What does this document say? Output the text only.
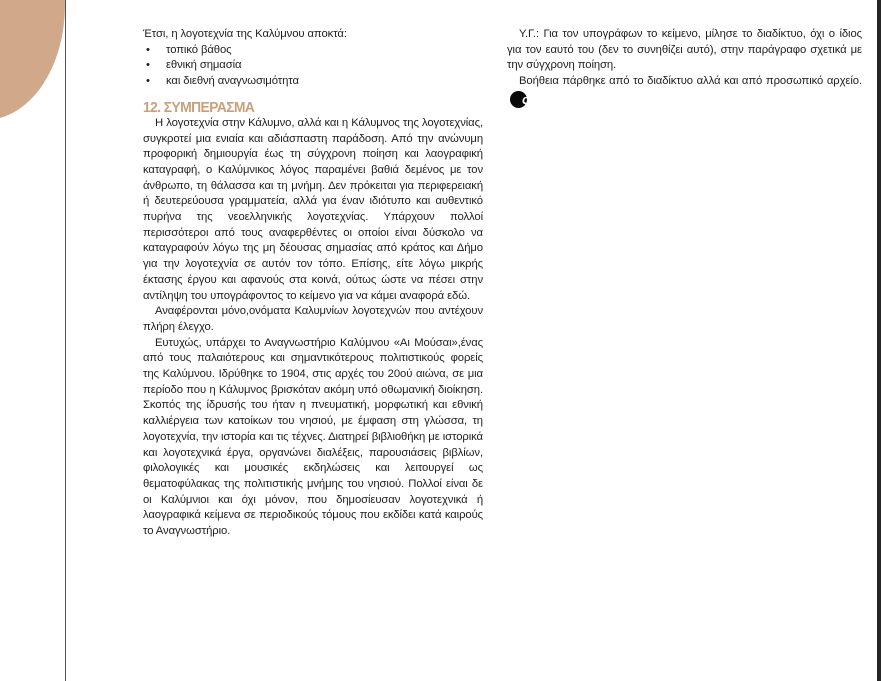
Έτσι, η λογοτεχνία της Καλύμνου αποκτά:

• τοπικό βάθος
• εθνική σημασία
• και διεθνή αναγνωσιμότητα
12. ΣΥΜΠΕΡΑΣΜΑ

Η λογοτεχνία στην Κάλυμνο, αλλά και η Κάλυμνος της λογοτεχνίας, συγκροτεί μια ενιαία και αδιάσπαστη παράδοση. Από την ανώνυμη προφορική δημιουργία έως τη σύγχρονη ποίηση και λαογραφική καταγραφή, ο Καλύμνικος λόγος παραμένει βαθιά δεμένος με τον άνθρωπο, τη θάλασσα και τη μνήμη. Δεν πρόκειται για περιφερειακή ή δευτερεύουσα γραμματεία, αλλά για έναν ιδιότυπο και αυθεντικό πυρήνα της νεοελληνικής λογοτεχνίας. Υπάρχουν πολλοί περισσότεροι από τους αναφερθέντες οι οποίοι είναι δύσκολο να καταγραφούν λόγω της μη δέουσας σημασίας από κράτος και Δήμο για την λογοτεχνία σε αυτόν τον τόπο. Επίσης, είτε λόγω μικρής έκτασης έργου και αφανούς στα κοινά, ούτως ώστε να πέσει στην αντίληψη του υπογράφοντος το κείμενο για να κάμει αναφορά εδώ.

Αναφέρονται μόνο,ονόματα Καλυμνίων λογοτεχνών που αντέχουν πλήρη έλεγχο.

Ευτυχώς, υπάρχει το Αναγνωστήριο Καλύμνου «Αι Μούσαι»,ένας από τους παλαιότερους και σημαντικότερους πολιτιστικούς φορείς της Καλύμνου. Ιδρύθηκε το 1904, στις αρχές του 20ού αιώνα, σε μια περίοδο που η Κάλυμνος βρισκόταν ακόμη υπό οθωμανική διοίκηση. Σκοπός της ίδρυσής του ήταν η πνευματική, μορφωτική και εθνική καλλιέργεια των κατοίκων του νησιού, με έμφαση στη γλώσσα, τη λογοτεχνία, την ιστορία και τις τέχνες. Διατηρεί βιβλιοθήκη με ιστορικά και λογοτεχνικά έργα, οργανώνει διαλέξεις, παρουσιάσεις βιβλίων, φιλολογικές και μουσικές εκδηλώσεις και λειτουργεί ως θεματοφύλακας της πολιτιστικής μνήμης του νησιού. Πολλοί είναι δε οι Καλύμνιοι και όχι μόνον, που δημοσίευσαν λογοτεχνικά ή λαογραφικά κείμενα σε περιοδικούς τόμους που εκδίδει κατά καιρούς το Αναγνωστήριο.

Υ.Γ.: Για τον υπογράφων το κείμενο, μίλησε το διαδίκτυο, όχι ο ίδιος για τον εαυτό του (δεν το συνηθίζει αυτό), στην παράγραφο σχετικά με την σύγχρονη ποίηση.

Βοήθεια πάρθηκε από το διαδίκτυο αλλά και από προσωπικό αρχείο.ς
